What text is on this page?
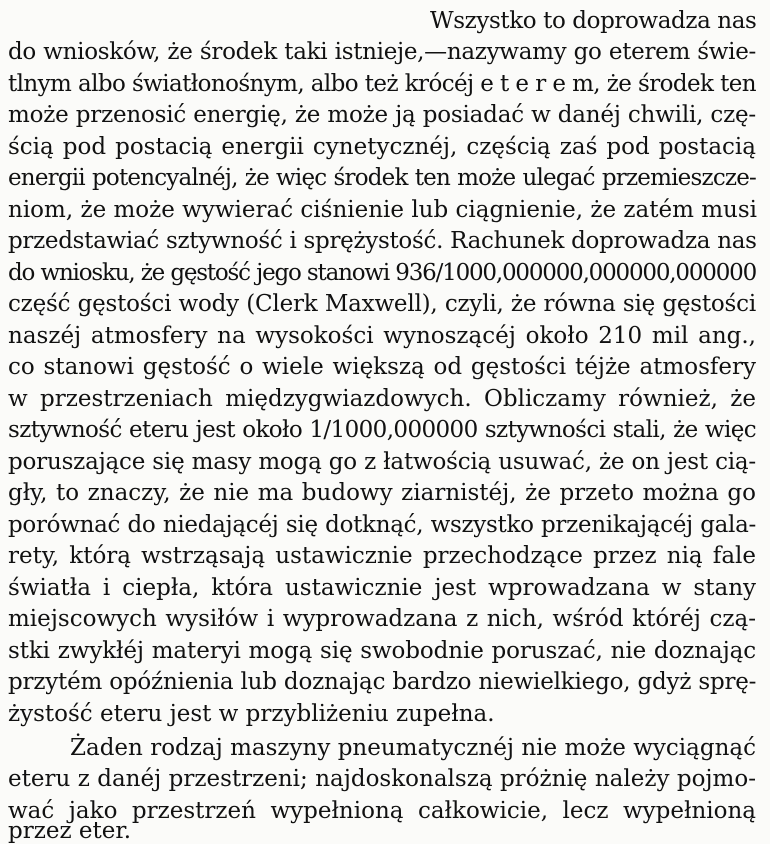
Wszystko to doprowadza nas
do wniosków, że środek taki istnieje,—nazywamy go eterem świe-
tlnym albo światłonośnym, albo też krócéj e t e r e m, że środek ten
może przenosić energię, że może ją posiadać w danéj chwili, czę-
ścią pod postacią energii cynetycznéj, częścią zaś pod postacią
energii potencyalnéj, że więc środek ten może ulegać przemieszcze-
niom, że może wywierać ciśnienie lub ciągnienie, że zatém musi
przedstawiać sztywność i sprężystość. Rachunek doprowadza nas
do wniosku, że gęstość jego stanowi 936/1000,000000,000000,000000
część gęstości wody (Clerk Maxwell), czyli, że równa się gęstości
naszéj atmosfery na wysokości wynoszącéj około 210 mil ang.,
co stanowi gęstość o wiele większą od gęstości téjże atmosfery
w przestrzeniach międzygwiazdowych. Obliczamy również, że
sztywność eteru jest około 1/1000,000000 sztywności stali, że więc
poruszające się masy mogą go z łatwością usuwać, że on jest cią-
gły, to znaczy, że nie ma budowy ziarnistéj, że przeto można go
porównać do niedającéj się dotknąć, wszystko przenikającéj gala-
rety, którą wstrząsają ustawicznie przechodzące przez nią fale
światła i ciepła, która ustawicznie jest wprowadzana w stany
miejscowych wysiłów i wyprowadzana z nich, wśród któréj czą-
stki zwykłéj materyi mogą się swobodnie poruszać, nie doznając
przytém opóźnienia lub doznając bardzo niewielkiego, gdyż sprę-
żystość eteru jest w przybliżeniu zupełna.
Żaden rodzaj maszyny pneumatycznéj nie może wyciągnąć
eteru z danéj przestrzeni; najdoskonalszą próżnię należy pojmo-
wać jako przestrzeń wypełnioną całkowicie, lecz wypełnioną
przez eter.
